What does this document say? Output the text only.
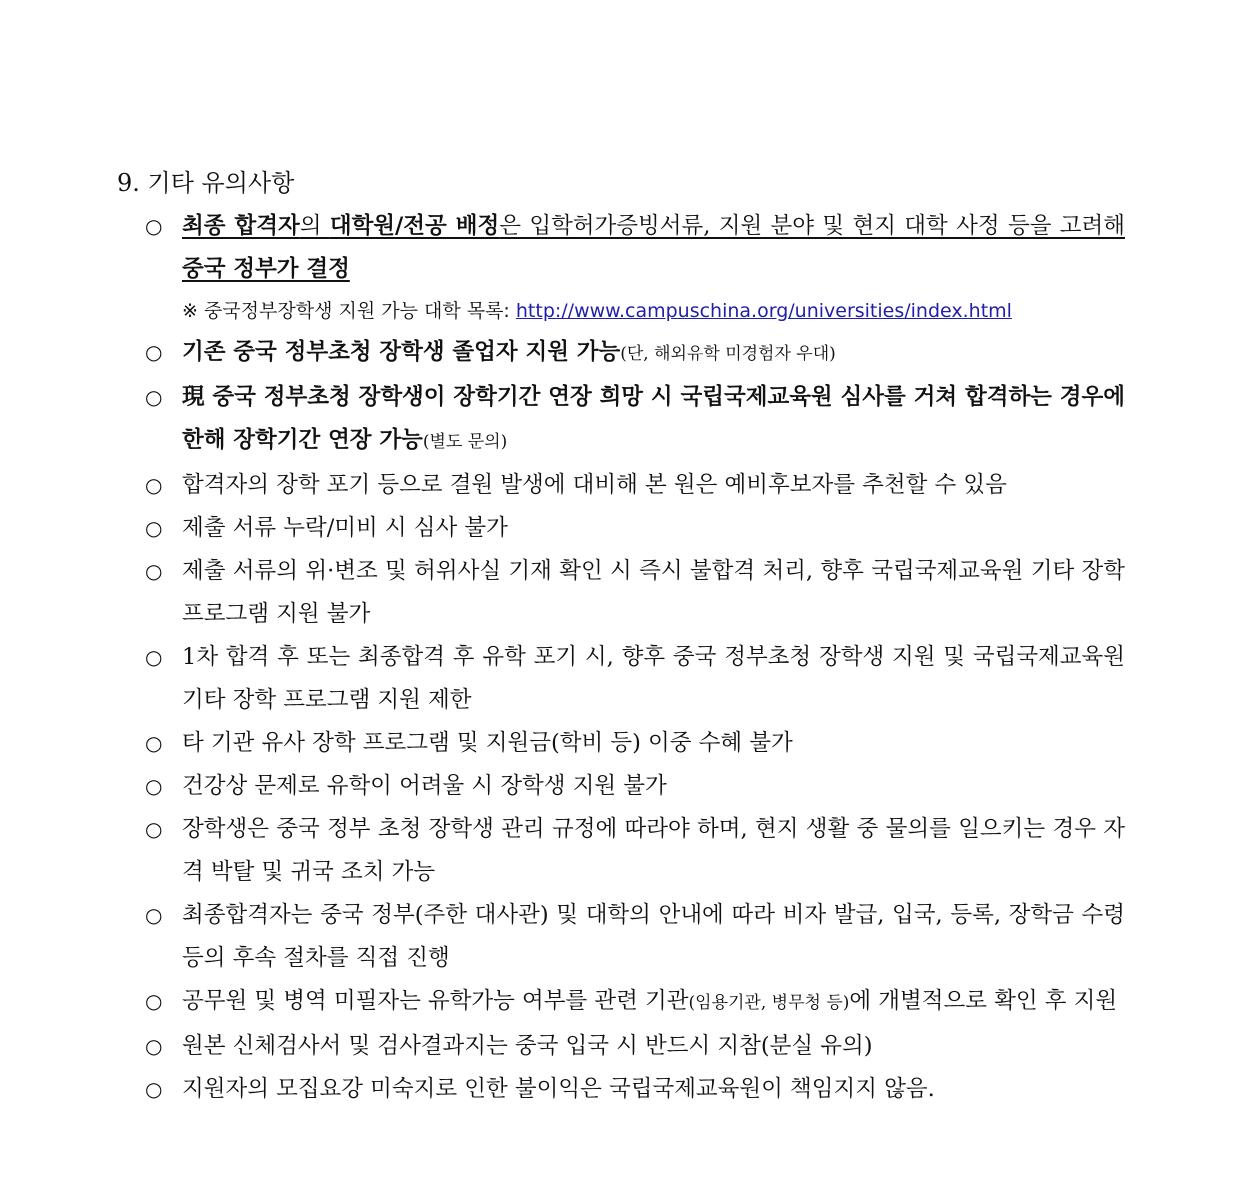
9. 기타 유의사항
○ 최종 합격자의 대학원/전공 배정은 입학허가증빙서류, 지원 분야 및 현지 대학 사정 등을 고려해 중국 정부가 결정
※ 중국정부장학생 지원 가능 대학 목록: http://www.campuschina.org/universities/index.html
○ 기존 중국 정부초청 장학생 졸업자 지원 가능(단, 해외유학 미경험자 우대)
○ 現 중국 정부초청 장학생이 장학기간 연장 희망 시 국립국제교육원 심사를 거쳐 합격하는 경우에 한해 장학기간 연장 가능(별도 문의)
○ 합격자의 장학 포기 등으로 결원 발생에 대비해 본 원은 예비후보자를 추천할 수 있음
○ 제출 서류 누락/미비 시 심사 불가
○ 제출 서류의 위·변조 및 허위사실 기재 확인 시 즉시 불합격 처리, 향후 국립국제교육원 기타 장학 프로그램 지원 불가
○ 1차 합격 후 또는 최종합격 후 유학 포기 시, 향후 중국 정부초청 장학생 지원 및 국립국제교육원 기타 장학 프로그램 지원 제한
○ 타 기관 유사 장학 프로그램 및 지원금(학비 등) 이중 수혜 불가
○ 건강상 문제로 유학이 어려울 시 장학생 지원 불가
○ 장학생은 중국 정부 초청 장학생 관리 규정에 따라야 하며, 현지 생활 중 물의를 일으키는 경우 자격 박탈 및 귀국 조치 가능
○ 최종합격자는 중국 정부(주한 대사관) 및 대학의 안내에 따라 비자 발급, 입국, 등록, 장학금 수령 등의 후속 절차를 직접 진행
○ 공무원 및 병역 미필자는 유학가능 여부를 관련 기관(임용기관, 병무청 등)에 개별적으로 확인 후 지원
○ 원본 신체검사서 및 검사결과지는 중국 입국 시 반드시 지참(분실 유의)
○ 지원자의 모집요강 미숙지로 인한 불이익은 국립국제교육원이 책임지지 않음.
